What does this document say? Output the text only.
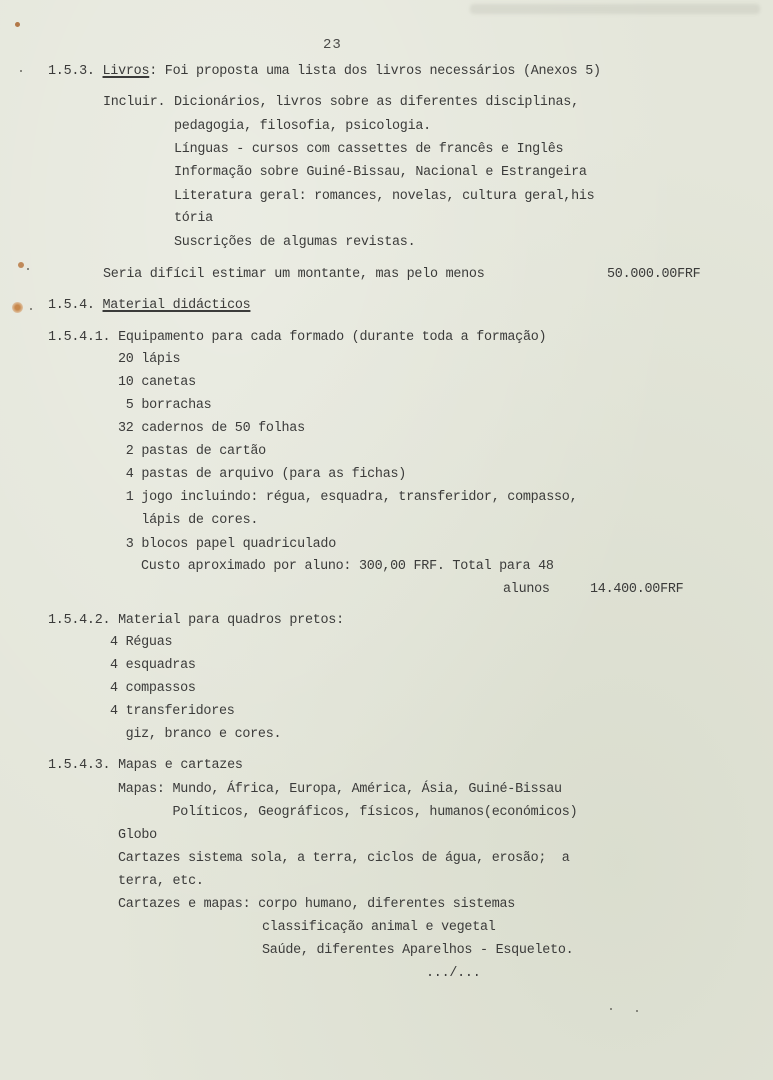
23
1.5.3. Livros: Foi proposta uma lista dos livros necessários (Anexos 5)
Incluir. Dicionários, livros sobre as diferentes disciplinas,
pedagogia, filosofia, psicologia.
Línguas - cursos com cassettes de francês e Inglês
Informação sobre Guiné-Bissau, Nacional e Estrangeira
Literatura geral: romances, novelas, cultura geral,his
tória
Suscrições de algumas revistas.
Seria difícil estimar um montante, mas pelo menos	50.000.00FRF
1.5.4. Material didácticos
1.5.4.1. Equipamento para cada formado (durante toda a formação)
20 lápis
10 canetas
5 borrachas
32 cadernos de 50 folhas
2 pastas de cartão
4 pastas de arquivo (para as fichas)
1 jogo incluindo: régua, esquadra, transferidor, compasso,
lápis de cores.
3 blocos papel quadriculado
Custo aproximado por aluno: 300,00 FRF. Total para 48
alunos	14.400.00FRF
1.5.4.2. Material para quadros pretos:
4 Réguas
4 esquadras
4 compassos
4 transferidores
giz, branco e cores.
1.5.4.3. Mapas e cartazes
Mapas: Mundo, África, Europa, América, Ásia, Guiné-Bissau
Políticos, Geográficos, físicos, humanos(económicos)
Globo
Cartazes sistema sola, a terra, ciclos de água, erosão;  a
terra, etc.
Cartazes e mapas: corpo humano, diferentes sistemas
classificação animal e vegetal
Saúde, diferentes Aparelhos - Esqueleto.
.../...
